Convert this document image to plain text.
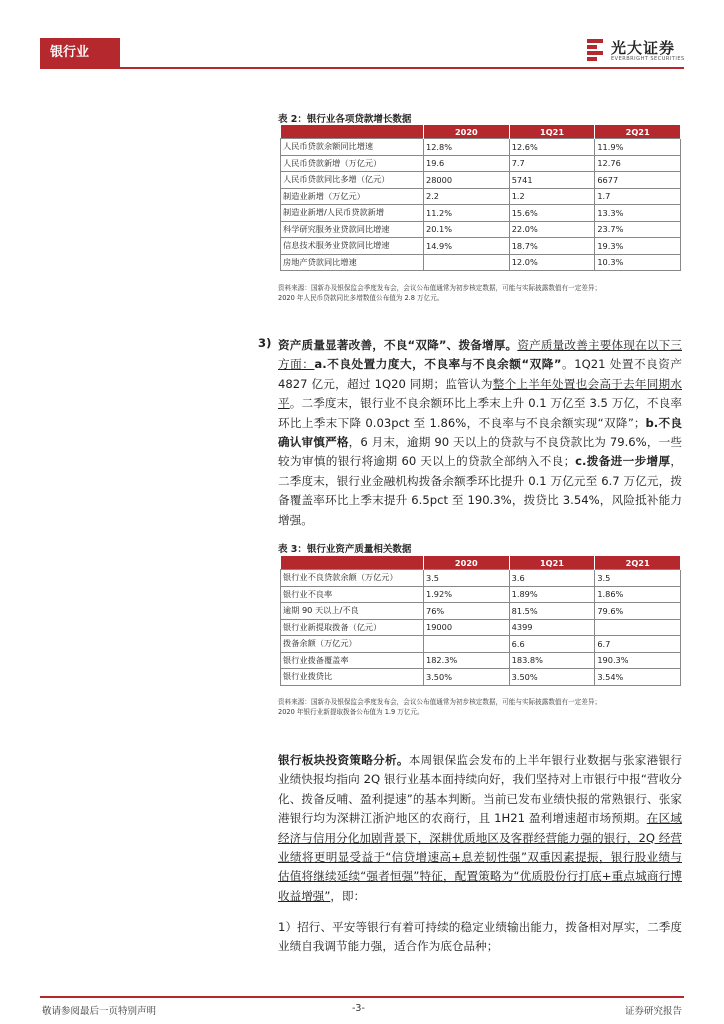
银行业	光大证券
EVERBRIGHT SECURITIES
表 2：银行业各项贷款增长数据
	2020	1Q21	2Q21
人民币贷款余额同比增速	12.8%	12.6%	11.9%
人民币贷款新增（万亿元）	19.6	7.7	12.76
人民币贷款同比多增（亿元）	28000	5741	6677
制造业新增（万亿元）	2.2	1.2	1.7
制造业新增/人民币贷款新增	11.2%	15.6%	13.3%
科学研究服务业贷款同比增速	20.1%	22.0%	23.7%
信息技术服务业贷款同比增速	14.9%	18.7%	19.3%
房地产贷款同比增速		12.0%	10.3%
资料来源：国新办及银保监会季度发布会，会议公布值通常为初步核定数据，可能与实际披露数值有一定差异；
2020 年人民币贷款同比多增数值公布值为 2.8 万亿元。
3) 资产质量显著改善，不良“双降”、拨备增厚。资产质量改善主要体现在以下三方面：a.不良处置力度大，不良率与不良余额“双降”。1Q21 处置不良资产 4827 亿元，超过 1Q20 同期；监管认为整个上半年处置也会高于去年同期水平。二季度末，银行业不良余额环比上季末上升 0.1 万亿至 3.5 万亿，不良率环比上季末下降 0.03pct 至 1.86%，不良率与不良余额实现“双降”；b.不良确认审慎严格，6 月末，逾期 90 天以上的贷款与不良贷款比为 79.6%，一些较为审慎的银行将逾期 60 天以上的贷款全部纳入不良；c.拨备进一步增厚，二季度末，银行业金融机构拨备余额季环比提升 0.1 万亿元至 6.7 万亿元，拨备覆盖率环比上季末提升 6.5pct 至 190.3%，拨贷比 3.54%，风险抵补能力增强。
表 3：银行业资产质量相关数据
	2020	1Q21	2Q21
银行业不良贷款余额（万亿元）	3.5	3.6	3.5
银行业不良率	1.92%	1.89%	1.86%
逾期 90 天以上/不良	76%	81.5%	79.6%
银行业新提取拨备（亿元）	19000	4399	
拨备余额（万亿元）		6.6	6.7
银行业拨备覆盖率	182.3%	183.8%	190.3%
银行业拨贷比	3.50%	3.50%	3.54%
资料来源：国新办及银保监会季度发布会，会议公布值通常为初步核定数据，可能与实际披露数值有一定差异；
2020 年银行业新提取拨备公布值为 1.9 万亿元。
银行板块投资策略分析。本周银保监会发布的上半年银行业数据与张家港银行业绩快报均指向 2Q 银行业基本面持续向好，我们坚持对上市银行中报“营收分化、拨备反哺、盈利提速”的基本判断。当前已发布业绩快报的常熟银行、张家港银行均为深耕江浙沪地区的农商行，且 1H21 盈利增速超市场预期。在区域经济与信用分化加剧背景下，深耕优质地区及客群经营能力强的银行，2Q 经营业绩将更明显受益于“信贷增速高+息差韧性强”双重因素提振，银行股业绩与估值将继续延续“强者恒强”特征，配置策略为“优质股份行打底+重点城商行博收益增强”，即：
1）招行、平安等银行有着可持续的稳定业绩输出能力，拨备相对厚实，二季度业绩自我调节能力强，适合作为底仓品种；
敬请参阅最后一页特别声明	-3-	证券研究报告
